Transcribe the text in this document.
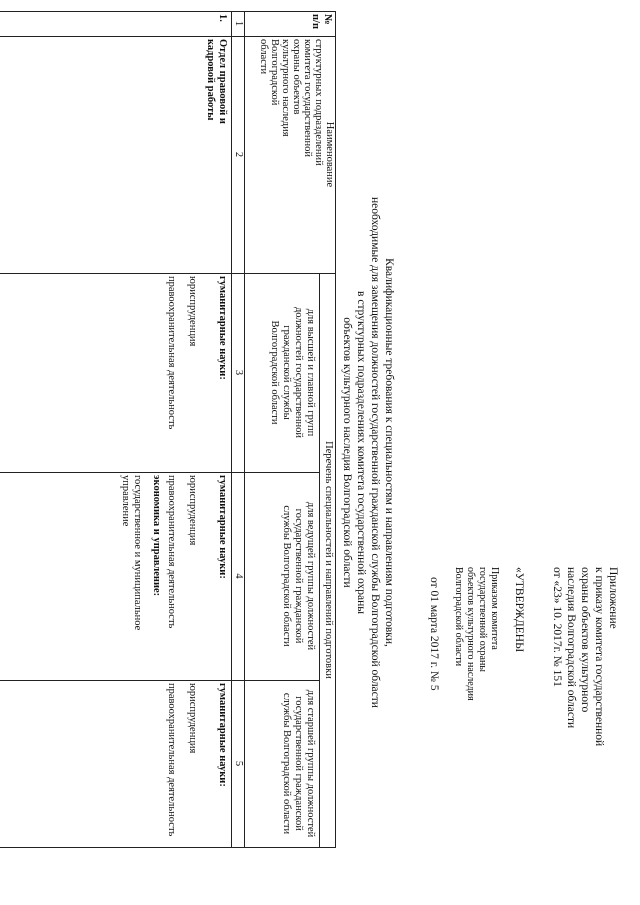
Приложение
к приказу комитета государственной
охраны объектов культурного
наследия Волгоградской области
от «23» 10. 2017г. № 151
«УТВЕРЖДЕНЫ
Приказом комитета
государственной охраны
объектов культурного наследия
Волгоградской области
от 01 марта 2017 г. № 5
Квалификационные требования к специальностям и направлениям подготовки,
необходимые для замещения должностей государственной гражданской службы Волгоградской области
в структурных подразделениях комитета государственной охраны
объектов культурного наследия Волгоградской области
№
п/п
Наименование
структурных подразделений
комитета государственной
охраны объектов
культурного наследия
Волгоградской
области
Перечень специальностей и направлений подготовки
для высшей и главной групп
должностей государственной
гражданской службы
Волгоградской области
для ведущей группы должностей
государственной гражданской
службы Волгоградской области
для старшей группы должностей
государственной гражданской
службы Волгоградской области
1
2
3
4
5
1.
Отдел правовой и
кадровой работы
гуманитарные науки:
юриспруденция
правоохранительная деятельность
гуманитарные науки:
юриспруденция
правоохранительная деятельность
экономика и управление:
государственное и муниципальное
управление
гуманитарные науки:
юриспруденция
правоохранительная деятельность
